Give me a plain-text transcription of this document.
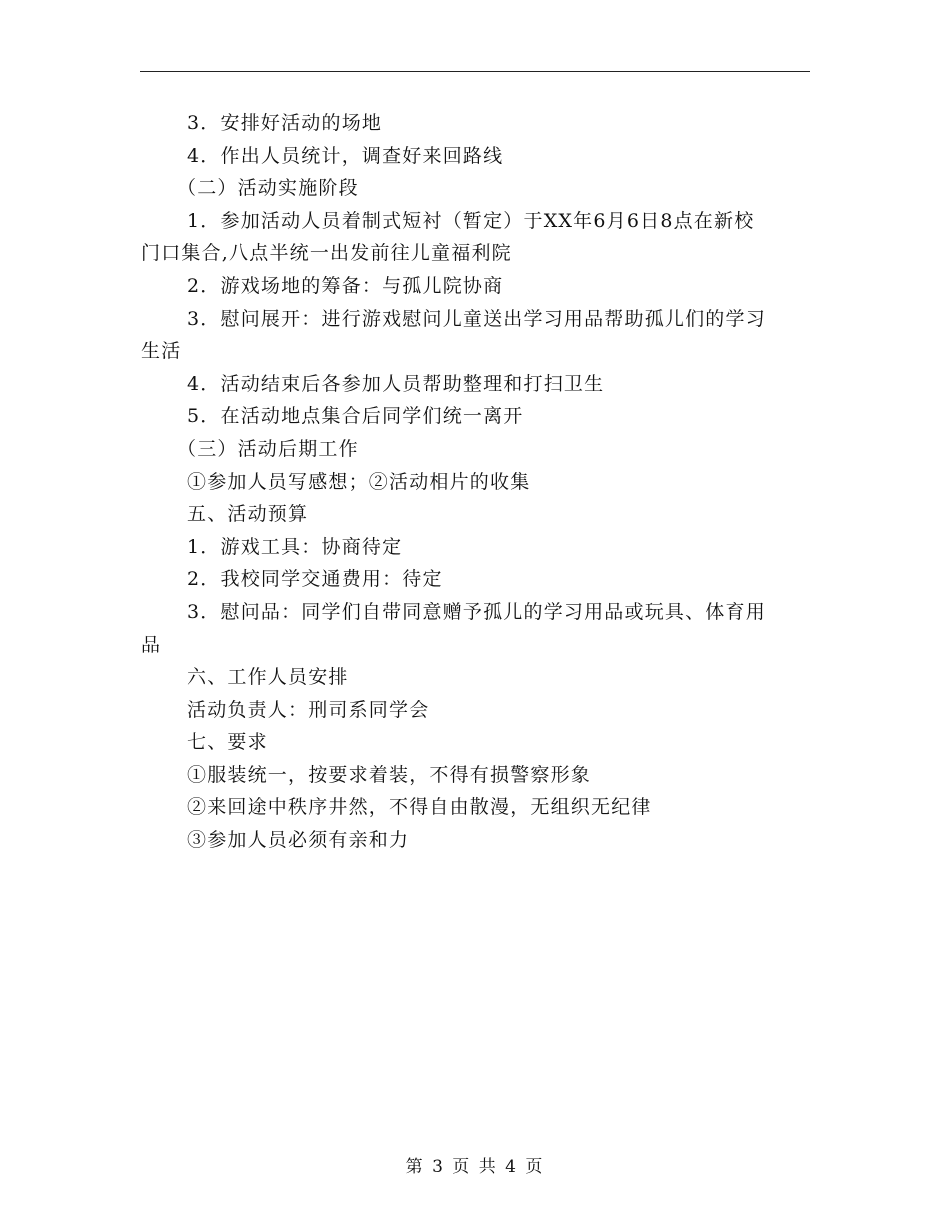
3．安排好活动的场地
4．作出人员统计，调查好来回路线
（二）活动实施阶段
1．参加活动人员着制式短衬（暂定）于XX年6月6日8点在新校
门口集合,八点半统一出发前往儿童福利院
2．游戏场地的筹备：与孤儿院协商
3．慰问展开：进行游戏慰问儿童送出学习用品帮助孤儿们的学习
生活
4．活动结束后各参加人员帮助整理和打扫卫生
5．在活动地点集合后同学们统一离开
（三）活动后期工作
①参加人员写感想；②活动相片的收集
五、活动预算
1．游戏工具：协商待定
2．我校同学交通费用：待定
3．慰问品：同学们自带同意赠予孤儿的学习用品或玩具、体育用
品
六、工作人员安排
活动负责人：刑司系同学会
七、要求
①服装统一，按要求着装，不得有损警察形象
②来回途中秩序井然，不得自由散漫，无组织无纪律
③参加人员必须有亲和力
第 3 页 共 4 页
